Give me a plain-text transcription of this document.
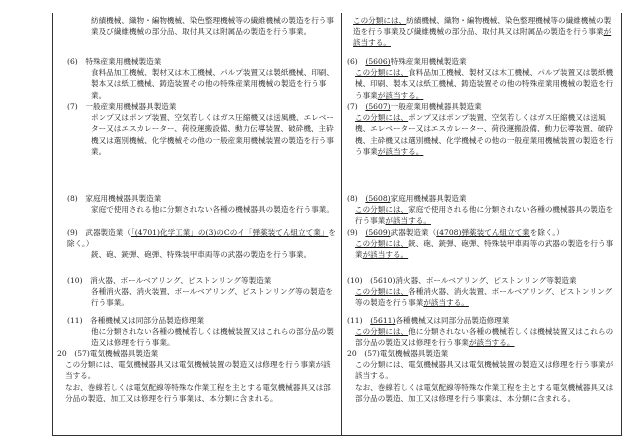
紡績機械、織物・編物機械、染色整理機械等の繊維機械の製造を行う事業及び繊維機械の部分品、取付具又は附属品の製造を行う事業。

(6)　特殊産業用機械製造業

食料品加工機械、製材又は木工機械、パルプ装置又は製紙機械、印刷、製本又は紙工機械、鋳造装置その他の特殊産業用機械の製造を行う事業。

(7)　一般産業用機械器具製造業

ポンプ又はポンプ装置、空気若しくはガス圧縮機又は送風機、エレベーター又はエスカレーター、荷役運搬設備、動力伝導装置、破砕機、主砕機又は選別機械、化学機械その他の一般産業用機械装置の製造を行う事業。

(8)　家庭用機械器具製造業

家庭で使用される他に分類されない各種の機械器具の製造を行う事業。

(9)　武器製造業（「(4701)化学工業」の(3)のCのイ「弾薬装てん組立て業」を除く。）

銃、砲、銃弾、砲弾、特殊装甲車両等の武器の製造を行う事業。

(10)　消火器、ボールベアリング、ピストンリング等製造業

各種消火器、消火装置、ボールベアリング、ピストンリング等の製造を行う事業。

(11)　各種機械又は同部分品製造修理業

他に分類されない各種の機械若しくは機械装置又はこれらの部分品の製造又は修理を行う事業。

20　(57)電気機械器具製造業

この分類には、電気機械器具又は電気機械装置の製造又は修理を行う事業が該当する。

なお、巻線若しくは電気配線等特殊な作業工程を主とする電気機械器具又は部分品の製造、加工又は修理を行う事業は、本分類に含まれる。

この分類には、紡績機械、織物・編物機械、染色整理機械等の繊維機械の製造を行う事業及び繊維機械の部分品、取付具又は附属品の製造を行う事業が該当する。

(6)　(5606)特殊産業用機械製造業

この分類には、食料品加工機械、製材又は木工機械、パルプ装置又は製紙機械、印刷、製本又は紙工機械、鋳造装置その他の特殊産業用機械の製造を行う事業が該当する。

(7)　(5607)一般産業用機械器具製造業

この分類には、ポンプ又はポンプ装置、空気若しくはガス圧縮機又は送風機、エレベーター又はエスカレーター、荷役運搬設備、動力伝導装置、破砕機、主砕機又は選別機械、化学機械その他の一般産業用機械装置の製造を行う事業が該当する。

(8)　(5608)家庭用機械器具製造業

この分類には、家庭で使用される他に分類されない各種の機械器具の製造を行う事業が該当する。

(9)　(5609)武器製造業（(4708)弾薬装てん組立て業を除く。）

この分類には、銃、砲、銃弾、砲弾、特殊装甲車両等の武器の製造を行う事業が該当する。

(10)　(5610)消火器、ボールベアリング、ピストンリング等製造業

この分類には、各種消火器、消火装置、ボールベアリング、ピストンリング等の製造を行う事業が該当する。

(11)　(5611)各種機械又は同部分品製造修理業

この分類には、他に分類されない各種の機械若しくは機械装置又はこれらの部分品の製造又は修理を行う事業が該当する。

20　(57)電気機械器具製造業

この分類には、電気機械器具又は電気機械装置の製造又は修理を行う事業が該当する。

なお、巻線若しくは電気配線等特殊な作業工程を主とする電気機械器具又は部分品の製造、加工又は修理を行う事業は、本分類に含まれる。
